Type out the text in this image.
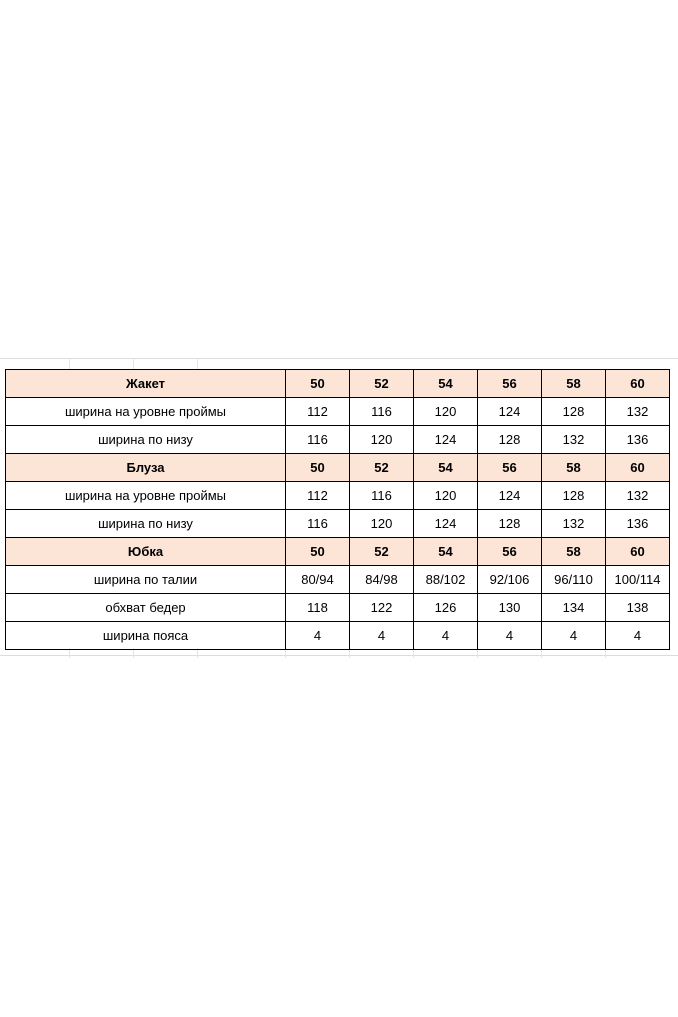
Жакет	50	52	54	56	58	60
ширина на уровне проймы	112	116	120	124	128	132
ширина по низу	116	120	124	128	132	136
Блуза	50	52	54	56	58	60
ширина на уровне проймы	112	116	120	124	128	132
ширина по низу	116	120	124	128	132	136
Юбка	50	52	54	56	58	60
ширина по талии	80/94	84/98	88/102	92/106	96/110	100/114
обхват бедер	118	122	126	130	134	138
ширина пояса	4	4	4	4	4	4
